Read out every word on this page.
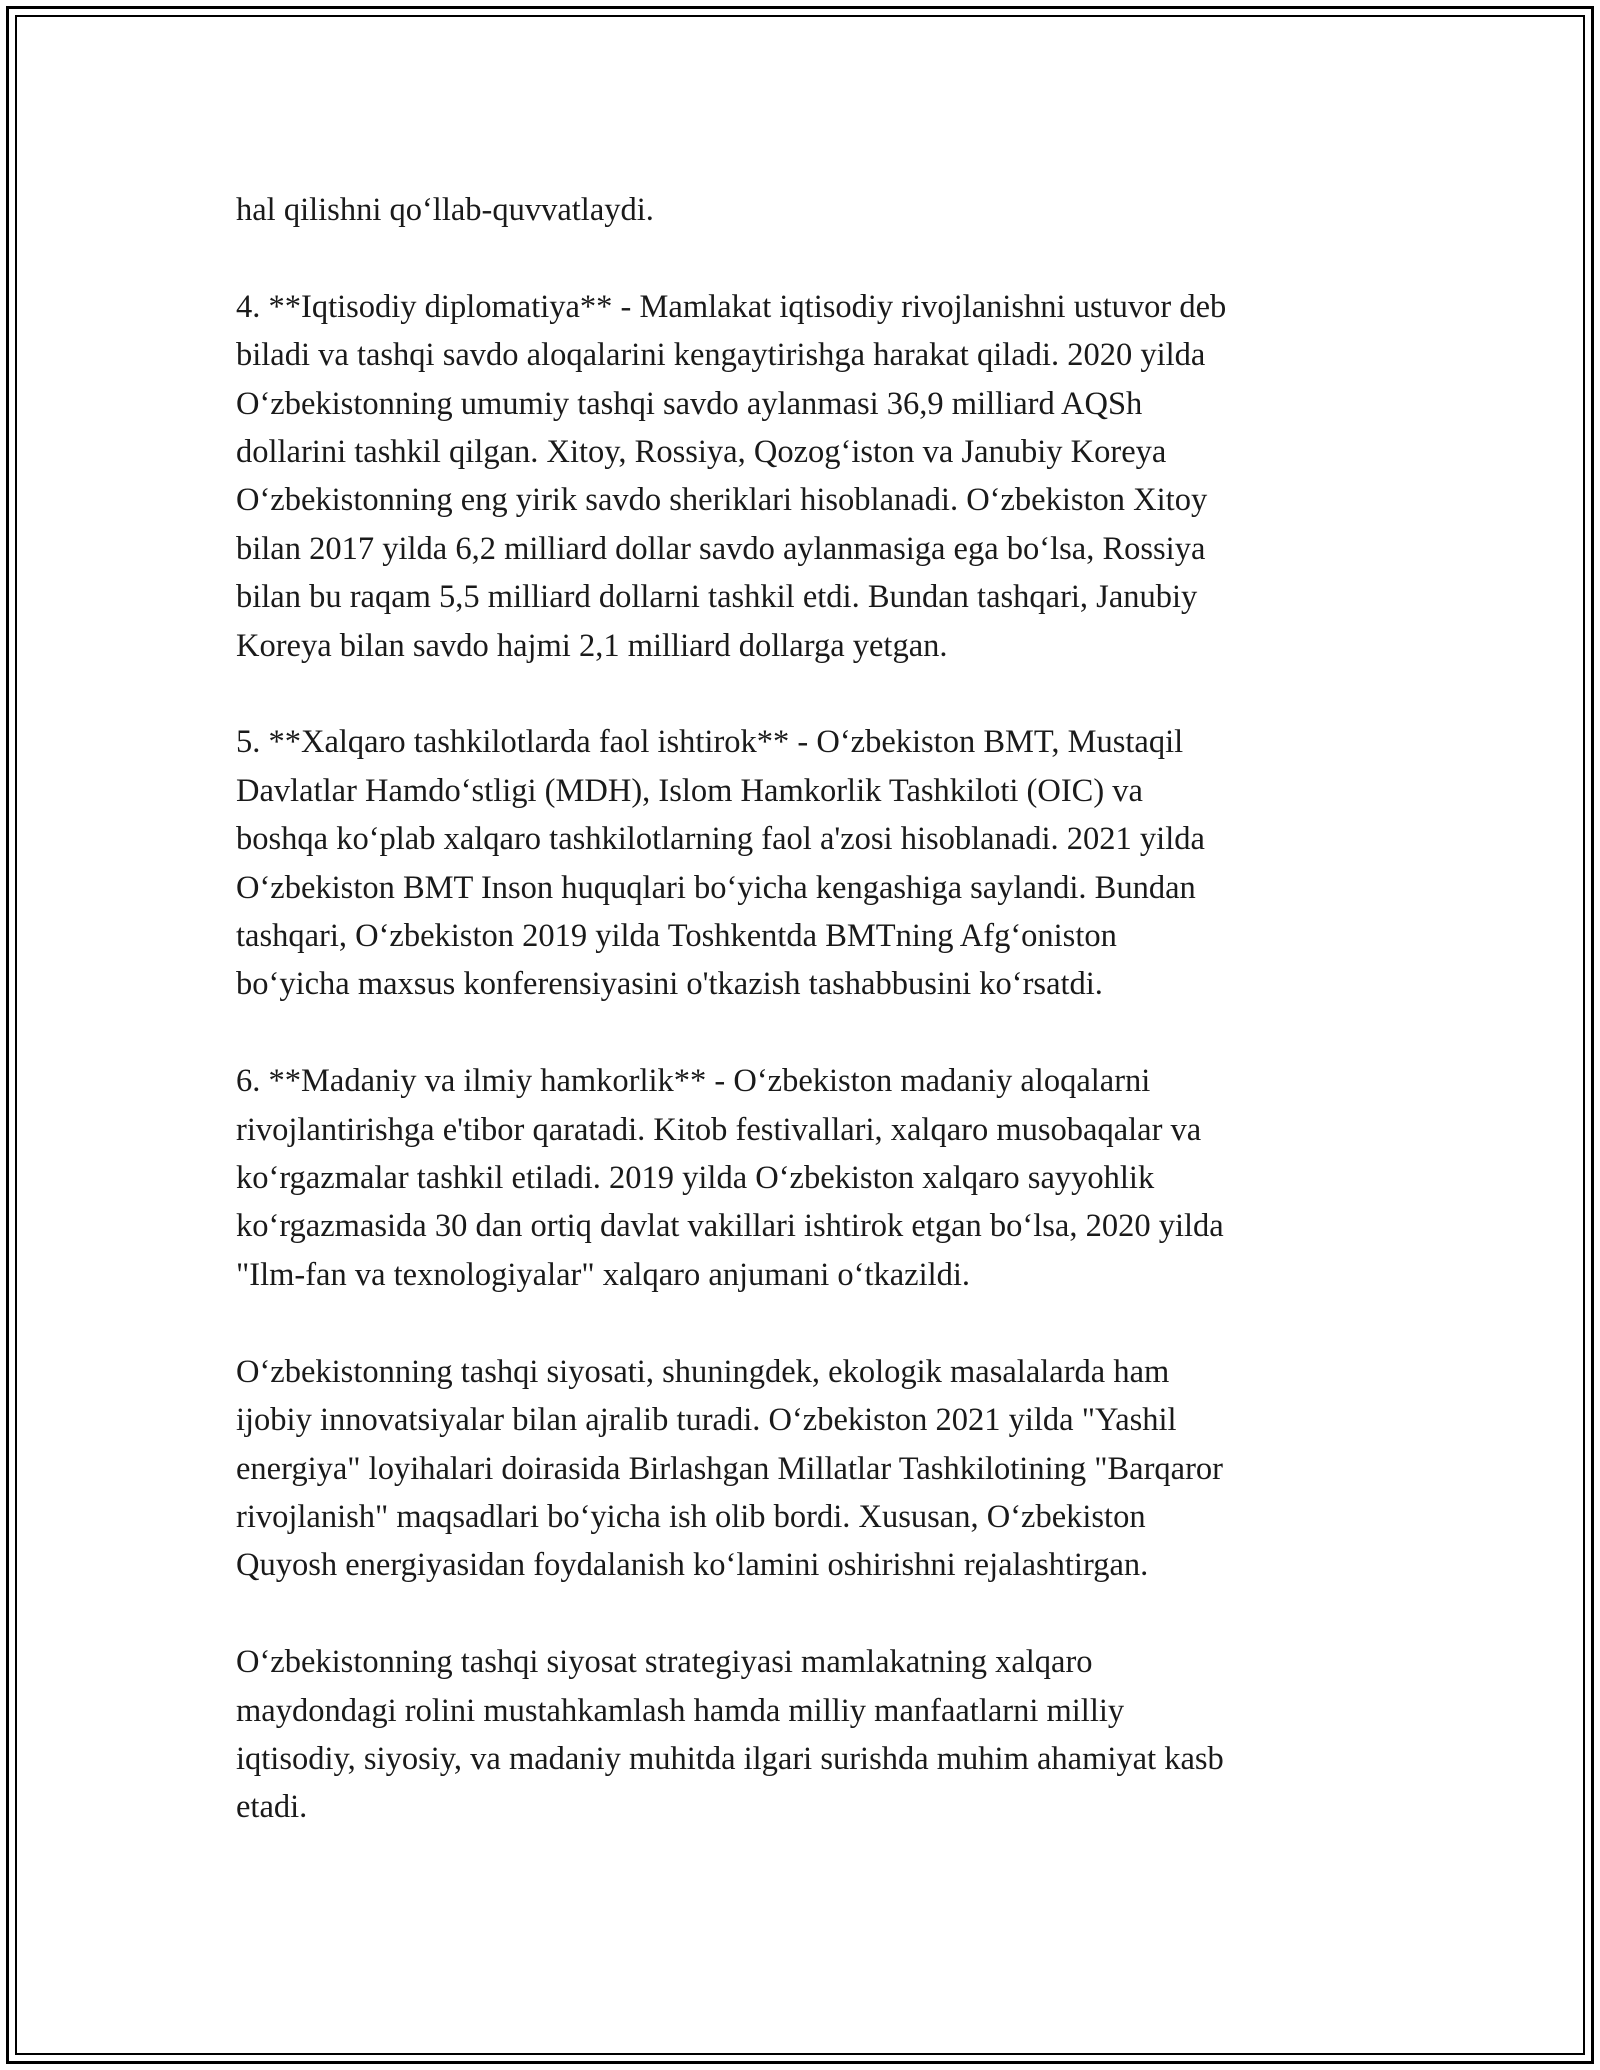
hal qilishni qo‘llab-quvvatlaydi.

4. **Iqtisodiy diplomatiya** - Mamlakat iqtisodiy rivojlanishni ustuvor deb
biladi va tashqi savdo aloqalarini kengaytirishga harakat qiladi. 2020 yilda
O‘zbekistonning umumiy tashqi savdo aylanmasi 36,9 milliard AQSh
dollarini tashkil qilgan. Xitoy, Rossiya, Qozog‘iston va Janubiy Koreya
O‘zbekistonning eng yirik savdo sheriklari hisoblanadi. O‘zbekiston Xitoy
bilan 2017 yilda 6,2 milliard dollar savdo aylanmasiga ega bo‘lsa, Rossiya
bilan bu raqam 5,5 milliard dollarni tashkil etdi. Bundan tashqari, Janubiy
Koreya bilan savdo hajmi 2,1 milliard dollarga yetgan.

5. **Xalqaro tashkilotlarda faol ishtirok** - O‘zbekiston BMT, Mustaqil
Davlatlar Hamdo‘stligi (MDH), Islom Hamkorlik Tashkiloti (OIC) va
boshqa ko‘plab xalqaro tashkilotlarning faol a'zosi hisoblanadi. 2021 yilda
O‘zbekiston BMT Inson huquqlari bo‘yicha kengashiga saylandi. Bundan
tashqari, O‘zbekiston 2019 yilda Toshkentda BMTning Afg‘oniston
bo‘yicha maxsus konferensiyasini o'tkazish tashabbusini ko‘rsatdi.

6. **Madaniy va ilmiy hamkorlik** - O‘zbekiston madaniy aloqalarni
rivojlantirishga e'tibor qaratadi. Kitob festivallari, xalqaro musobaqalar va
ko‘rgazmalar tashkil etiladi. 2019 yilda O‘zbekiston xalqaro sayyohlik
ko‘rgazmasida 30 dan ortiq davlat vakillari ishtirok etgan bo‘lsa, 2020 yilda
"Ilm-fan va texnologiyalar" xalqaro anjumani o‘tkazildi.

O‘zbekistonning tashqi siyosati, shuningdek, ekologik masalalarda ham
ijobiy innovatsiyalar bilan ajralib turadi. O‘zbekiston 2021 yilda "Yashil
energiya" loyihalari doirasida Birlashgan Millatlar Tashkilotining "Barqaror
rivojlanish" maqsadlari bo‘yicha ish olib bordi. Xususan, O‘zbekiston
Quyosh energiyasidan foydalanish ko‘lamini oshirishni rejalashtirgan.

O‘zbekistonning tashqi siyosat strategiyasi mamlakatning xalqaro
maydondagi rolini mustahkamlash hamda milliy manfaatlarni milliy
iqtisodiy, siyosiy, va madaniy muhitda ilgari surishda muhim ahamiyat kasb
etadi.
